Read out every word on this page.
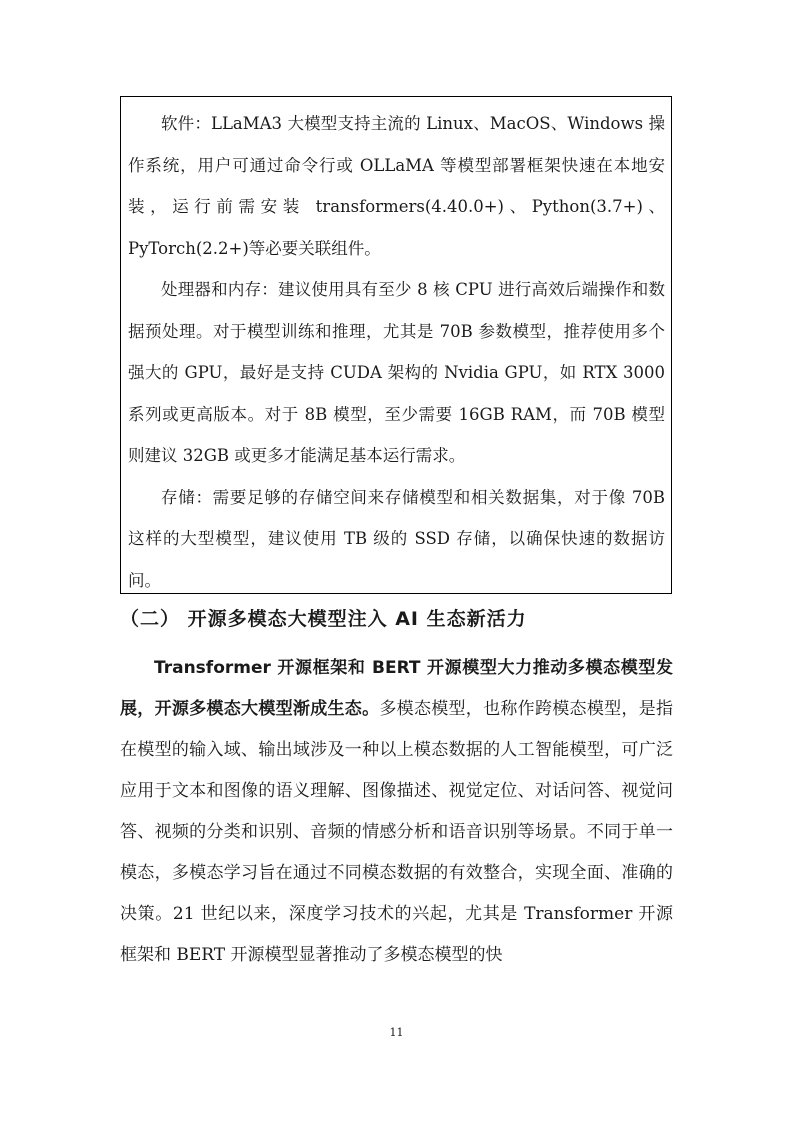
软件：LLaMA3 大模型支持主流的 Linux、MacOS、Windows 操作系统，用户可通过命令行或 OLLaMA 等模型部署框架快速在本地安装，运行前需安装 transformers(4.40.0+)、Python(3.7+)、PyTorch(2.2+)等必要关联组件。

处理器和内存：建议使用具有至少 8 核 CPU 进行高效后端操作和数据预处理。对于模型训练和推理，尤其是 70B 参数模型，推荐使用多个强大的 GPU，最好是支持 CUDA 架构的 Nvidia GPU，如 RTX 3000 系列或更高版本。对于 8B 模型，至少需要 16GB RAM，而 70B 模型则建议 32GB 或更多才能满足基本运行需求。

存储：需要足够的存储空间来存储模型和相关数据集，对于像 70B 这样的大型模型，建议使用 TB 级的 SSD 存储，以确保快速的数据访问。

（二） 开源多模态大模型注入 AI 生态新活力

Transformer 开源框架和 BERT 开源模型大力推动多模态模型发展，开源多模态大模型渐成生态。多模态模型，也称作跨模态模型，是指在模型的输入域、输出域涉及一种以上模态数据的人工智能模型，可广泛应用于文本和图像的语义理解、图像描述、视觉定位、对话问答、视觉问答、视频的分类和识别、音频的情感分析和语音识别等场景。不同于单一模态，多模态学习旨在通过不同模态数据的有效整合，实现全面、准确的决策。21 世纪以来，深度学习技术的兴起，尤其是 Transformer 开源框架和 BERT 开源模型显著推动了多模态模型的快

11
